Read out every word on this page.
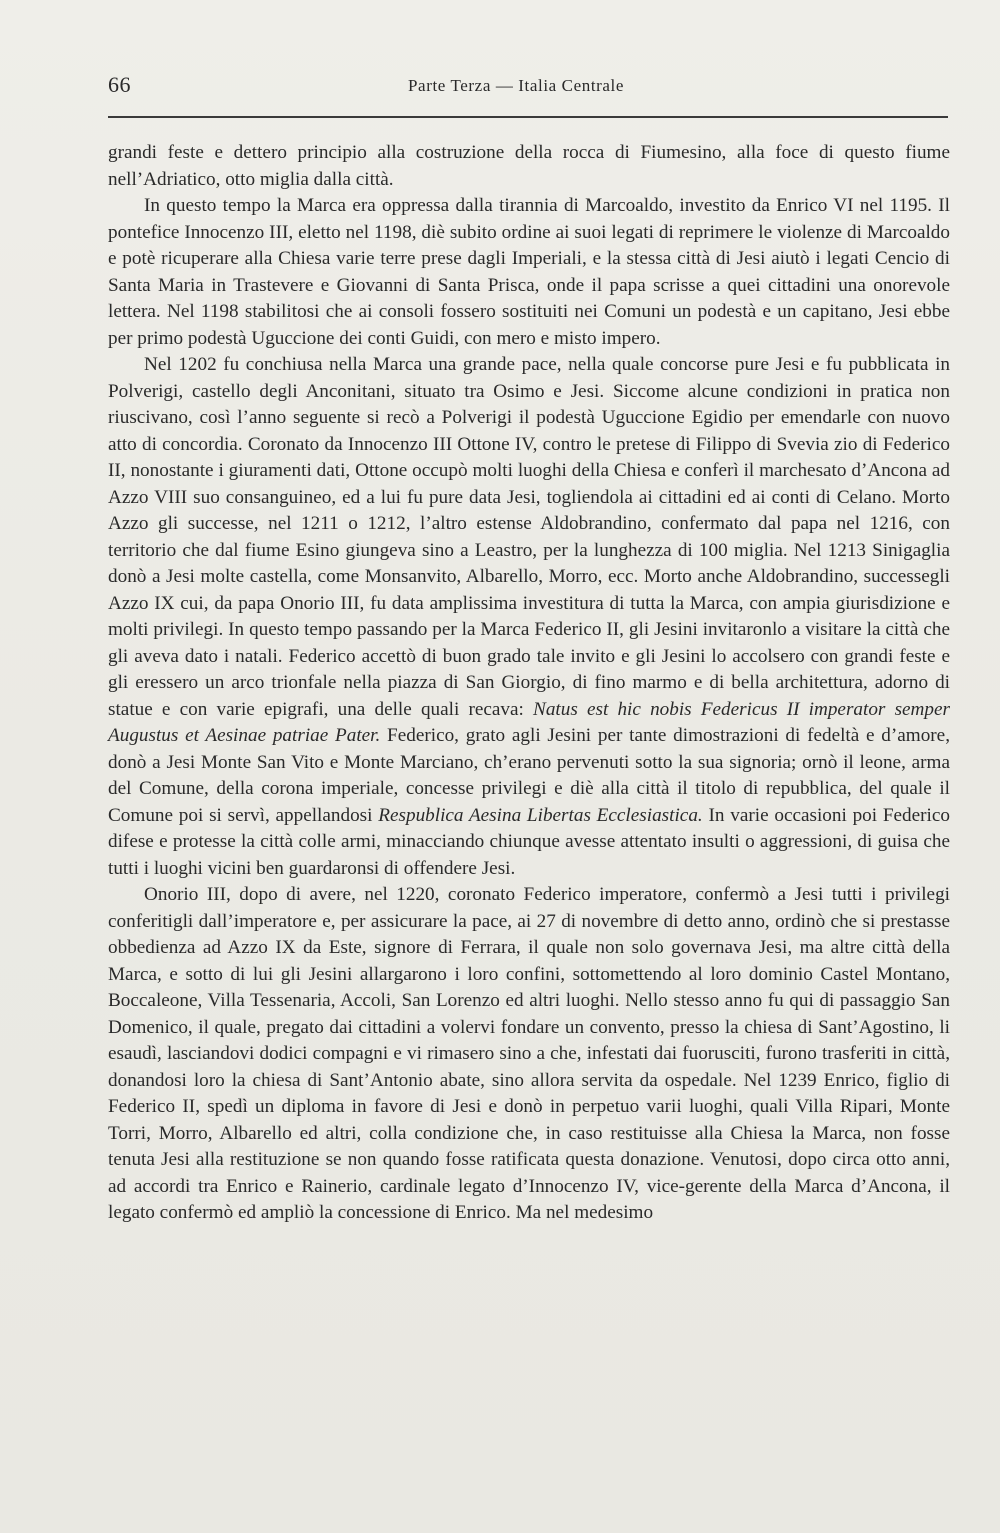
66	Parte Terza — Italia Centrale

grandi feste e dettero principio alla costruzione della rocca di Fiumesino, alla foce di questo fiume nell’Adriatico, otto miglia dalla città.

In questo tempo la Marca era oppressa dalla tirannia di Marcoaldo, investito da Enrico VI nel 1195. Il pontefice Innocenzo III, eletto nel 1198, diè subito ordine ai suoi legati di reprimere le violenze di Marcoaldo e potè ricuperare alla Chiesa varie terre prese dagli Imperiali, e la stessa città di Jesi aiutò i legati Cencio di Santa Maria in Trastevere e Giovanni di Santa Prisca, onde il papa scrisse a quei cittadini una onorevole lettera. Nel 1198 stabilitosi che ai consoli fossero sostituiti nei Comuni un podestà e un capitano, Jesi ebbe per primo podestà Uguccione dei conti Guidi, con mero e misto impero.

Nel 1202 fu conchiusa nella Marca una grande pace, nella quale concorse pure Jesi e fu pubblicata in Polverigi, castello degli Anconitani, situato tra Osimo e Jesi. Siccome alcune condizioni in pratica non riuscivano, così l’anno seguente si recò a Polverigi il podestà Uguccione Egidio per emendarle con nuovo atto di concordia. Coronato da Innocenzo III Ottone IV, contro le pretese di Filippo di Svevia zio di Federico II, nonostante i giuramenti dati, Ottone occupò molti luoghi della Chiesa e conferì il marchesato d’Ancona ad Azzo VIII suo consanguineo, ed a lui fu pure data Jesi, togliendola ai cittadini ed ai conti di Celano. Morto Azzo gli successe, nel 1211 o 1212, l’altro estense Aldobrandino, confermato dal papa nel 1216, con territorio che dal fiume Esino giungeva sino a Leastro, per la lunghezza di 100 miglia. Nel 1213 Sinigaglia donò a Jesi molte castella, come Monsanvito, Albarello, Morro, ecc. Morto anche Aldobrandino, successegli Azzo IX cui, da papa Onorio III, fu data amplissima investitura di tutta la Marca, con ampia giurisdizione e molti privilegi. In questo tempo passando per la Marca Federico II, gli Jesini invitaronlo a visitare la città che gli aveva dato i natali. Federico accettò di buon grado tale invito e gli Jesini lo accolsero con grandi feste e gli eressero un arco trionfale nella piazza di San Giorgio, di fino marmo e di bella architettura, adorno di statue e con varie epigrafi, una delle quali recava: Natus est hic nobis Federicus II imperator semper Augustus et Aesinae patriae Pater. Federico, grato agli Jesini per tante dimostrazioni di fedeltà e d’amore, donò a Jesi Monte San Vito e Monte Marciano, ch’erano pervenuti sotto la sua signoria; ornò il leone, arma del Comune, della corona imperiale, concesse privilegi e diè alla città il titolo di repubblica, del quale il Comune poi si servì, appellandosi Respublica Aesina Libertas Ecclesiastica. In varie occasioni poi Federico difese e protesse la città colle armi, minacciando chiunque avesse attentato insulti o aggressioni, di guisa che tutti i luoghi vicini ben guardaronsi di offendere Jesi.

Onorio III, dopo di avere, nel 1220, coronato Federico imperatore, confermò a Jesi tutti i privilegi conferitigli dall’imperatore e, per assicurare la pace, ai 27 di novembre di detto anno, ordinò che si prestasse obbedienza ad Azzo IX da Este, signore di Ferrara, il quale non solo governava Jesi, ma altre città della Marca, e sotto di lui gli Jesini allargarono i loro confini, sottomettendo al loro dominio Castel Montano, Boccaleone, Villa Tessenaria, Accoli, San Lorenzo ed altri luoghi. Nello stesso anno fu qui di passaggio San Domenico, il quale, pregato dai cittadini a volervi fondare un convento, presso la chiesa di Sant’Agostino, li esaudì, lasciandovi dodici compagni e vi rimasero sino a che, infestati dai fuorusciti, furono trasferiti in città, donandosi loro la chiesa di Sant’Antonio abate, sino allora servita da ospedale. Nel 1239 Enrico, figlio di Federico II, spedì un diploma in favore di Jesi e donò in perpetuo varii luoghi, quali Villa Ripari, Monte Torri, Morro, Albarello ed altri, colla condizione che, in caso restituisse alla Chiesa la Marca, non fosse tenuta Jesi alla restituzione se non quando fosse ratificata questa donazione. Venutosi, dopo circa otto anni, ad accordi tra Enrico e Rainerio, cardinale legato d’Innocenzo IV, vice-gerente della Marca d’Ancona, il legato confermò ed ampliò la concessione di Enrico. Ma nel medesimo
